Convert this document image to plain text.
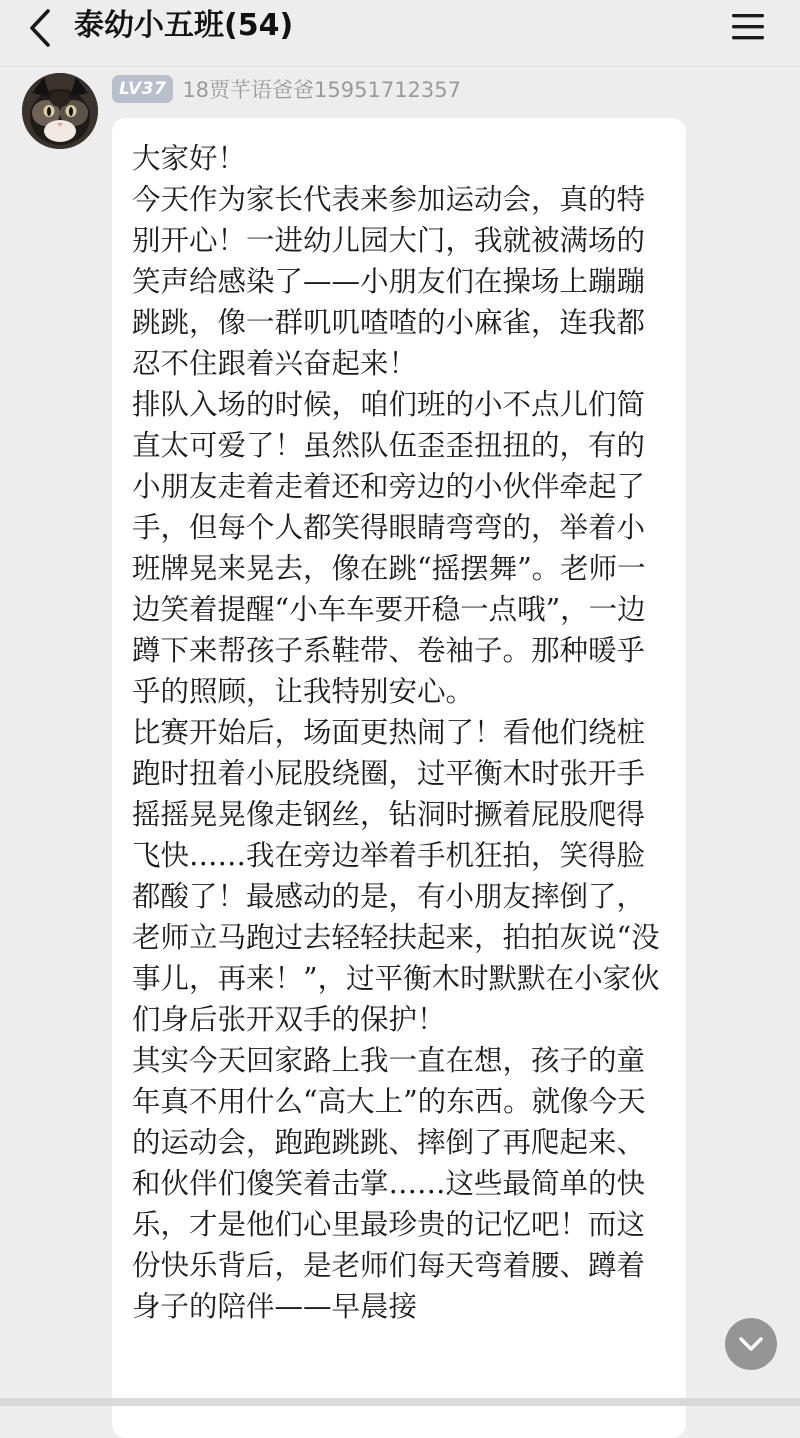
泰幼小五班(54)
LV37 18贾芊语爸爸15951712357

大家好！

今天作为家长代表来参加运动会，真的特别开心！一进幼儿园大门，我就被满场的笑声给感染了——小朋友们在操场上蹦蹦跳跳，像一群叽叽喳喳的小麻雀，连我都忍不住跟着兴奋起来！

排队入场的时候，咱们班的小不点儿们简直太可爱了！虽然队伍歪歪扭扭的，有的小朋友走着走着还和旁边的小伙伴牵起了手，但每个人都笑得眼睛弯弯的，举着小班牌晃来晃去，像在跳“摇摆舞”。老师一边笑着提醒“小车车要开稳一点哦”，一边蹲下来帮孩子系鞋带、卷袖子。那种暖乎乎的照顾，让我特别安心。

比赛开始后，场面更热闹了！看他们绕桩跑时扭着小屁股绕圈，过平衡木时张开手摇摇晃晃像走钢丝，钻洞时撅着屁股爬得飞快……我在旁边举着手机狂拍，笑得脸都酸了！最感动的是，有小朋友摔倒了，老师立马跑过去轻轻扶起来，拍拍灰说“没事儿，再来！”，过平衡木时默默在小家伙们身后张开双手的保护！

其实今天回家路上我一直在想，孩子的童年真不用什么“高大上”的东西。就像今天的运动会，跑跑跳跳、摔倒了再爬起来、和伙伴们傻笑着击掌……这些最简单的快乐，才是他们心里最珍贵的记忆吧！而这份快乐背后，是老师们每天弯着腰、蹲着身子的陪伴——早晨接
